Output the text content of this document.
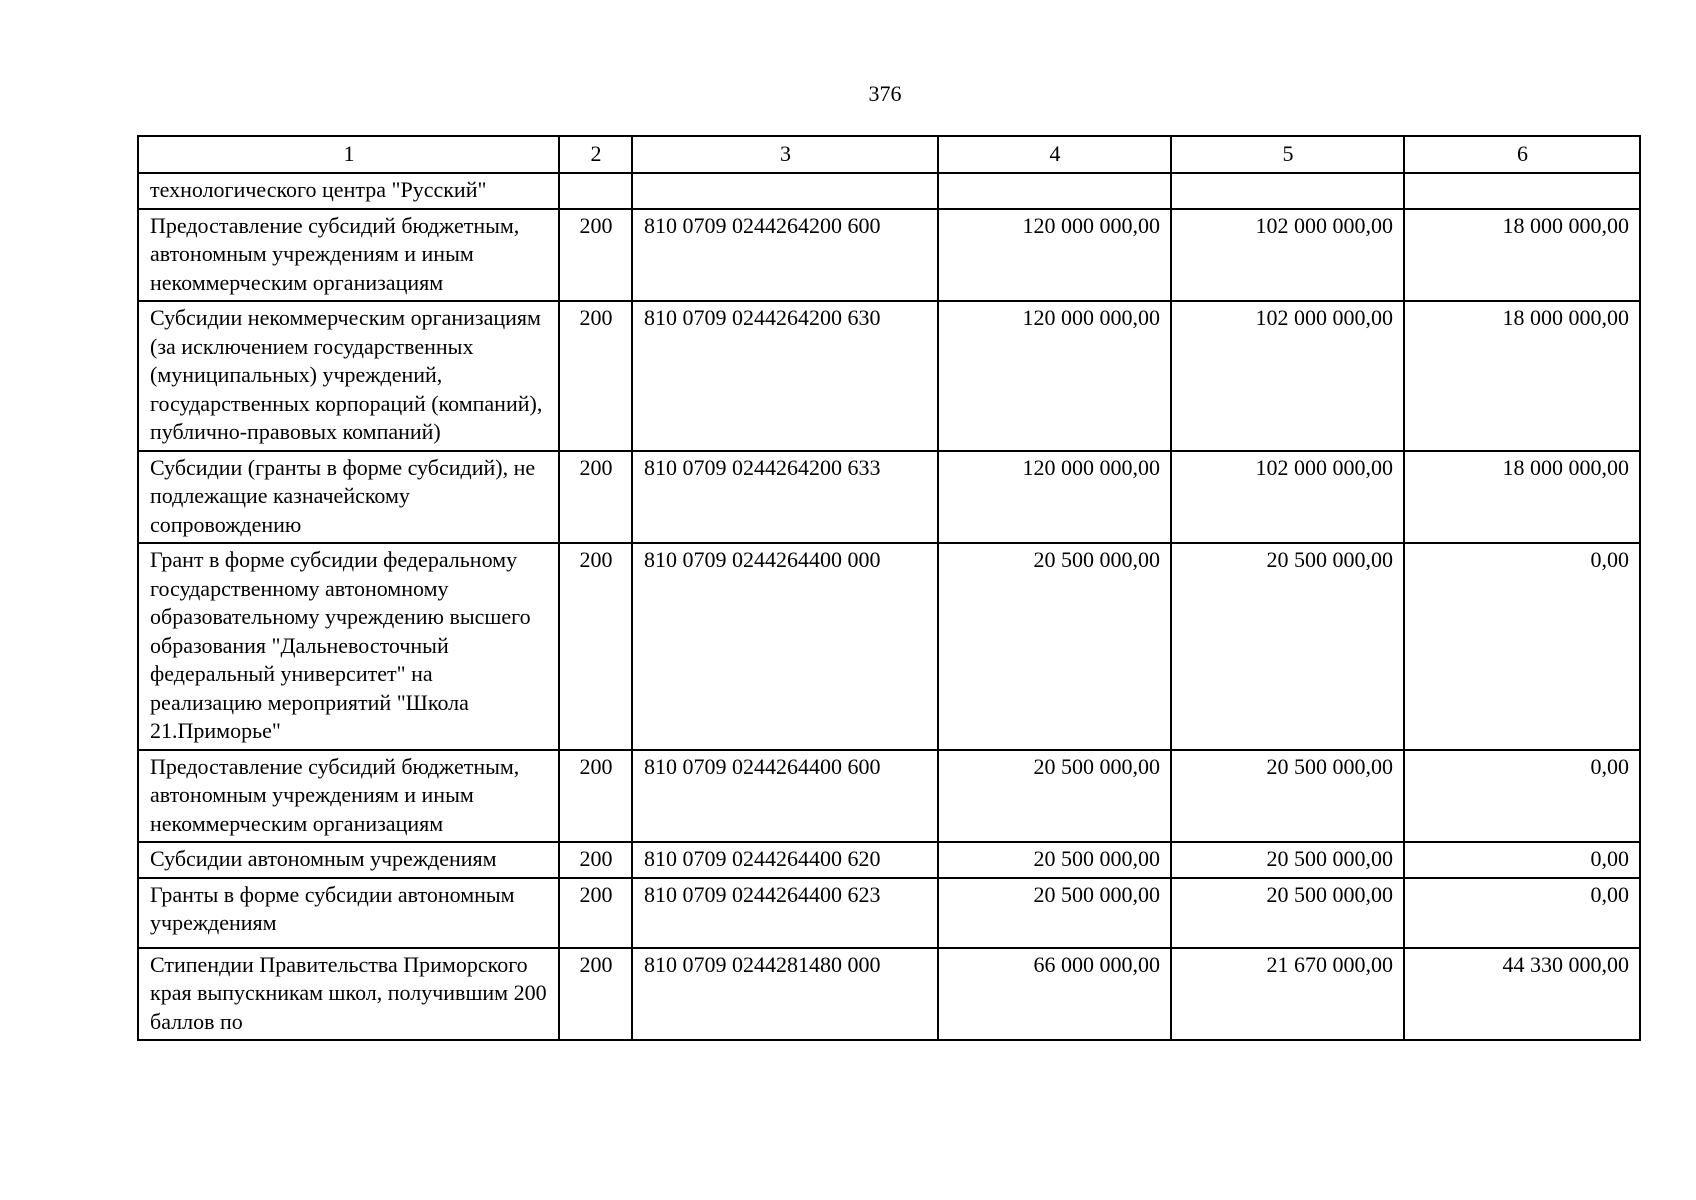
376
1	2	3	4	5	6
технологического центра "Русский"					
Предоставление субсидий бюджетным, автономным учреждениям и иным некоммерческим организациям	200	810 0709 0244264200 600	120 000 000,00	102 000 000,00	18 000 000,00
Субсидии некоммерческим организациям (за исключением государственных (муниципальных) учреждений, государственных корпораций (компаний), публично-правовых компаний)	200	810 0709 0244264200 630	120 000 000,00	102 000 000,00	18 000 000,00
Субсидии (гранты в форме субсидий), не подлежащие казначейскому сопровождению	200	810 0709 0244264200 633	120 000 000,00	102 000 000,00	18 000 000,00
Грант в форме субсидии федеральному государственному автономному образовательному учреждению высшего образования "Дальневосточный федеральный университет" на реализацию мероприятий "Школа 21.Приморье"	200	810 0709 0244264400 000	20 500 000,00	20 500 000,00	0,00
Предоставление субсидий бюджетным, автономным учреждениям и иным некоммерческим организациям	200	810 0709 0244264400 600	20 500 000,00	20 500 000,00	0,00
Субсидии автономным учреждениям	200	810 0709 0244264400 620	20 500 000,00	20 500 000,00	0,00
Гранты в форме субсидии автономным учреждениям	200	810 0709 0244264400 623	20 500 000,00	20 500 000,00	0,00
Стипендии Правительства Приморского края выпускникам школ, получившим 200 баллов по	200	810 0709 0244281480 000	66 000 000,00	21 670 000,00	44 330 000,00
